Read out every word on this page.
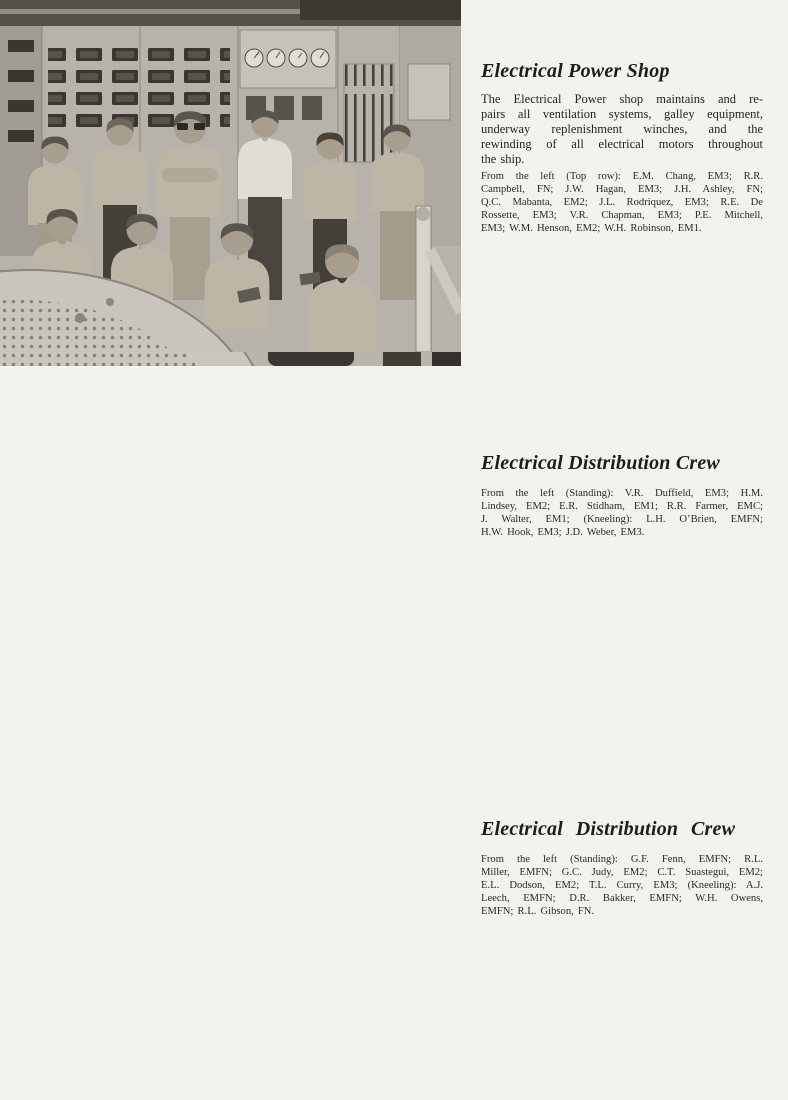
Electrical Power Shop
The Electrical Power shop maintains and re-
pairs all ventilation systems, galley equipment,
underway replenishment winches, and the
rewinding of all electrical motors throughout
the ship.
From the left (Top row): E.M. Chang, EM3; R.R.
Campbell, FN; J.W. Hagan, EM3; J.H. Ashley, FN;
Q.C. Mabanta, EM2; J.L. Rodriquez, EM3; R.E. De
Rossette, EM3; V.R. Chapman, EM3; P.E. Mitchell,
EM3; W.M. Henson, EM2; W.H. Robinson, EM1.
Electrical Distribution Crew
From the left (Standing): V.R. Duffield, EM3; H.M.
Lindsey, EM2; E.R. Stidham, EM1; R.R. Farmer, EMC;
J. Walter, EM1; (Kneeling): L.H. O’Brien, EMFN;
H.W. Hook, EM3; J.D. Weber, EM3.
Electrical Distribution Crew
From the left (Standing): G.F. Fenn, EMFN; R.L.
Miller, EMFN; G.C. Judy, EM2; C.T. Suastegui, EM2;
E.L. Dodson, EM2; T.L. Curry, EM3; (Kneeling): A.J.
Leech, EMFN; D.R. Bakker, EMFN; W.H. Owens,
EMFN; R.L. Gibson, FN.
